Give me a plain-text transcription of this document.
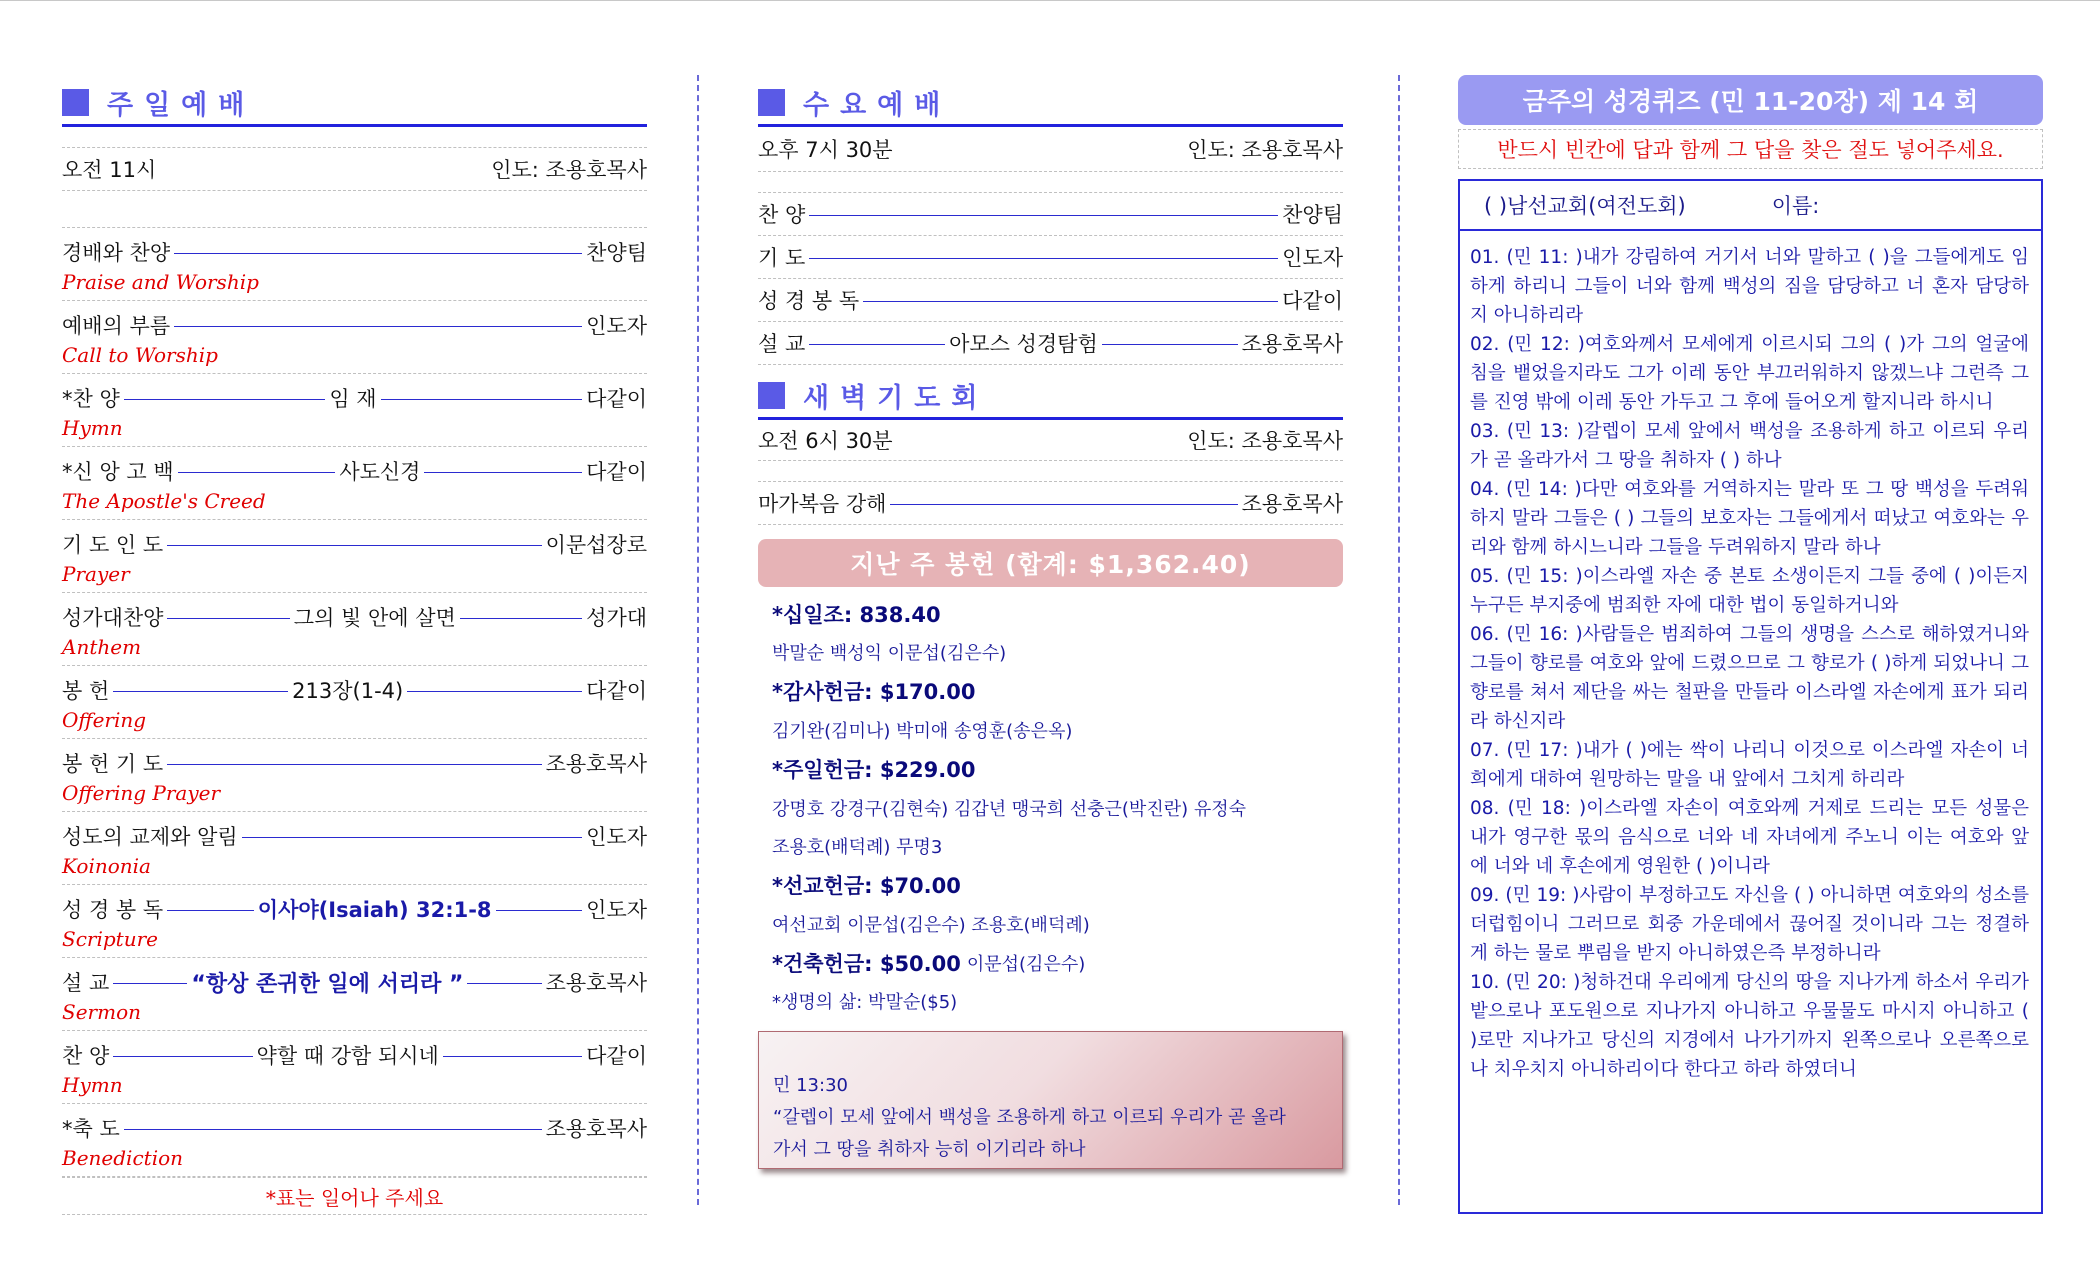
주일예배
오전 11시	인도: 조용호목사
경배와 찬양	찬양팀
Praise and Worship
예배의 부름	인도자
Call to Worship
*찬 양	임 재	다같이
Hymn
*신 앙 고 백	사도신경	다같이
The Apostle's Creed
기 도 인 도	이문섭장로
Prayer
성가대찬양	그의 빛 안에 살면	성가대
Anthem
봉 헌	213장(1-4)	다같이
Offering
봉 헌 기 도	조용호목사
Offering Prayer
성도의 교제와 알림	인도자
Koinonia
성 경 봉 독	이사야(Isaiah) 32:1-8	인도자
Scripture
설 교	“항상 존귀한 일에 서리라 ”	조용호목사
Sermon
찬 양	약할 때 강함 되시네	다같이
Hymn
*축 도	조용호목사
Benediction
*표는 일어나 주세요
수요예배
오후 7시 30분	인도: 조용호목사
찬 양	찬양팀
기 도	인도자
성 경 봉 독	다같이
설 교	아모스 성경탐험	조용호목사
새벽기도회
오전 6시 30분	인도: 조용호목사
마가복음 강해	조용호목사
지난 주 봉헌 (합계: $1,362.40)
*십일조: 838.40
박말순 백성익 이문섭(김은수)
*감사헌금: $170.00
김기완(김미나) 박미애 송영훈(송은옥)
*주일헌금: $229.00
강명호 강경구(김현숙) 김갑년 맹국희 선충근(박진란) 유정숙
조용호(배덕례) 무명3
*선교헌금: $70.00
여선교회 이문섭(김은수) 조용호(배덕례)
*건축헌금: $50.00 이문섭(김은수)
*생명의 삶: 박말순($5)
민 13:30
“갈렙이 모세 앞에서 백성을 조용하게 하고 이르되 우리가 곧 올라
가서 그 땅을 취하자 능히 이기리라 하나
금주의 성경퀴즈 (민 11-20장) 제 14 회
반드시 빈칸에 답과 함께 그 답을 찾은 절도 넣어주세요.
( )남선교회(여전도회)	이름:
01. (민 11: )내가 강림하여 거기서 너와 말하고 ( )을 그들에게도 임하게 하리니 그들이 너와 함께 백성의 짐을 담당하고 너 혼자 담당하지 아니하리라
02. (민 12: )여호와께서 모세에게 이르시되 그의 ( )가 그의 얼굴에 침을 뱉었을지라도 그가 이레 동안 부끄러워하지 않겠느냐 그런즉 그를 진영 밖에 이레 동안 가두고 그 후에 들어오게 할지니라 하시니
03. (민 13: )갈렙이 모세 앞에서 백성을 조용하게 하고 이르되 우리가 곧 올라가서 그 땅을 취하자 ( ) 하나
04. (민 14: )다만 여호와를 거역하지는 말라 또 그 땅 백성을 두려워하지 말라 그들은 ( ) 그들의 보호자는 그들에게서 떠났고 여호와는 우리와 함께 하시느니라 그들을 두려워하지 말라 하나
05. (민 15: )이스라엘 자손 중 본토 소생이든지 그들 중에 ( )이든지 누구든 부지중에 범죄한 자에 대한 법이 동일하거니와
06. (민 16: )사람들은 범죄하여 그들의 생명을 스스로 해하였거니와 그들이 향로를 여호와 앞에 드렸으므로 그 향로가 ( )하게 되었나니 그 향로를 쳐서 제단을 싸는 철판을 만들라 이스라엘 자손에게 표가 되리라 하신지라
07. (민 17: )내가 ( )에는 싹이 나리니 이것으로 이스라엘 자손이 너희에게 대하여 원망하는 말을 내 앞에서 그치게 하리라
08. (민 18: )이스라엘 자손이 여호와께 거제로 드리는 모든 성물은 내가 영구한 몫의 음식으로 너와 네 자녀에게 주노니 이는 여호와 앞에 너와 네 후손에게 영원한 ( )이니라
09. (민 19: )사람이 부정하고도 자신을 ( ) 아니하면 여호와의 성소를 더럽힘이니 그러므로 회중 가운데에서 끊어질 것이니라 그는 정결하게 하는 물로 뿌림을 받지 아니하였은즉 부정하니라
10. (민 20: )청하건대 우리에게 당신의 땅을 지나가게 하소서 우리가 밭으로나 포도원으로 지나가지 아니하고 우물물도 마시지 아니하고 ( )로만 지나가고 당신의 지경에서 나가기까지 왼쪽으로나 오른쪽으로나 치우치지 아니하리이다 한다고 하라 하였더니
